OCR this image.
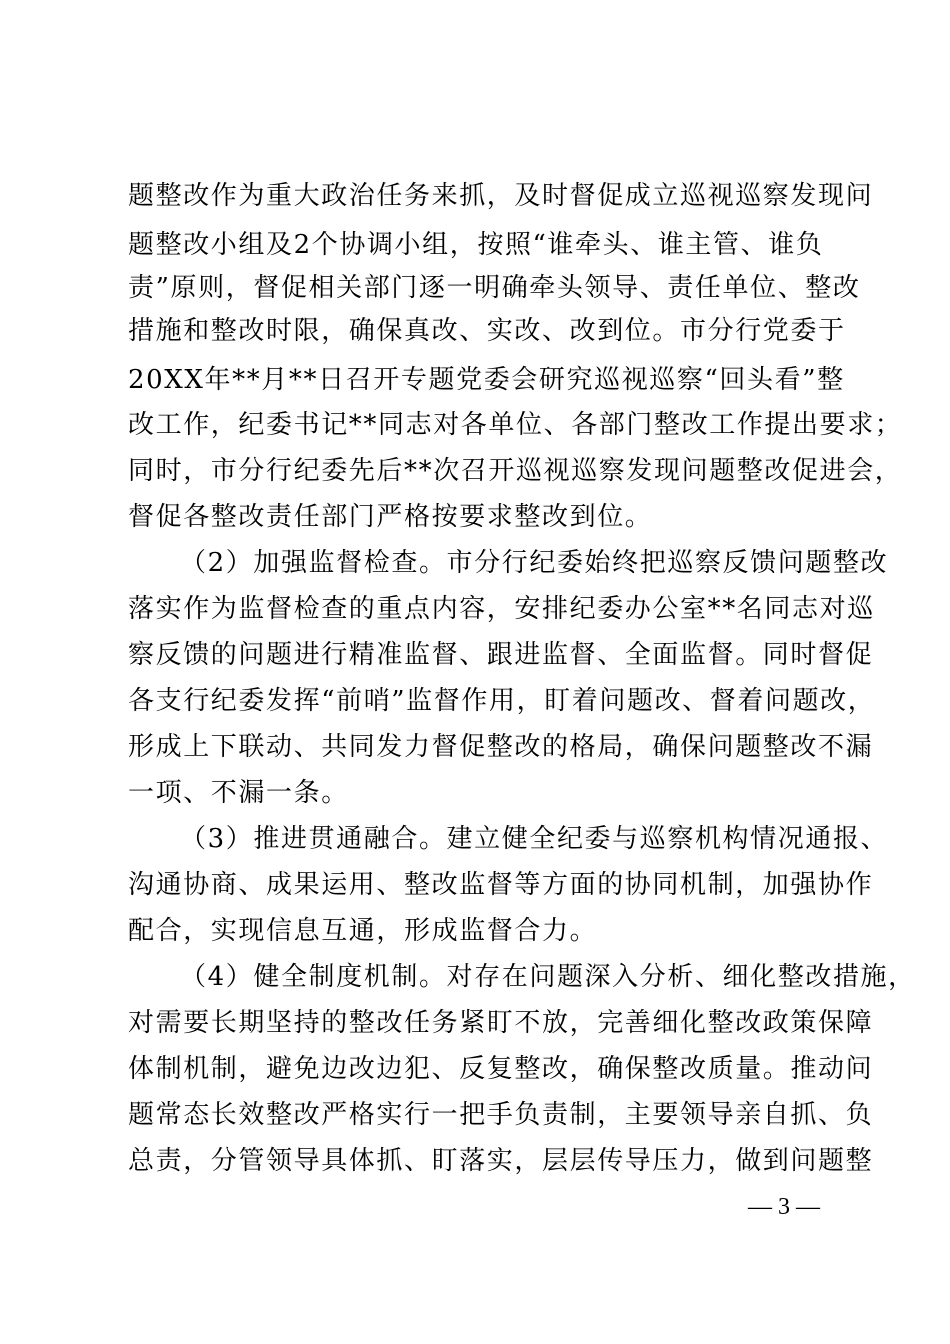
题整改作为重大政治任务来抓，及时督促成立巡视巡察发现问
题整改小组及2个协调小组，按照“谁牵头、谁主管、谁负
责”原则，督促相关部门逐一明确牵头领导、责任单位、整改
措施和整改时限，确保真改、实改、改到位。市分行党委于
20XX年**月**日召开专题党委会研究巡视巡察“回头看”整
改工作，纪委书记**同志对各单位、各部门整改工作提出要求；
同时，市分行纪委先后**次召开巡视巡察发现问题整改促进会，
督促各整改责任部门严格按要求整改到位。
（2）加强监督检查。市分行纪委始终把巡察反馈问题整改
落实作为监督检查的重点内容，安排纪委办公室**名同志对巡
察反馈的问题进行精准监督、跟进监督、全面监督。同时督促
各支行纪委发挥“前哨”监督作用，盯着问题改、督着问题改，
形成上下联动、共同发力督促整改的格局，确保问题整改不漏
一项、不漏一条。
（3）推进贯通融合。建立健全纪委与巡察机构情况通报、
沟通协商、成果运用、整改监督等方面的协同机制，加强协作
配合，实现信息互通，形成监督合力。
（4）健全制度机制。对存在问题深入分析、细化整改措施，
对需要长期坚持的整改任务紧盯不放，完善细化整改政策保障
体制机制，避免边改边犯、反复整改，确保整改质量。推动问
题常态长效整改严格实行一把手负责制，主要领导亲自抓、负
总责，分管领导具体抓、盯落实，层层传导压力，做到问题整
— 3 —
